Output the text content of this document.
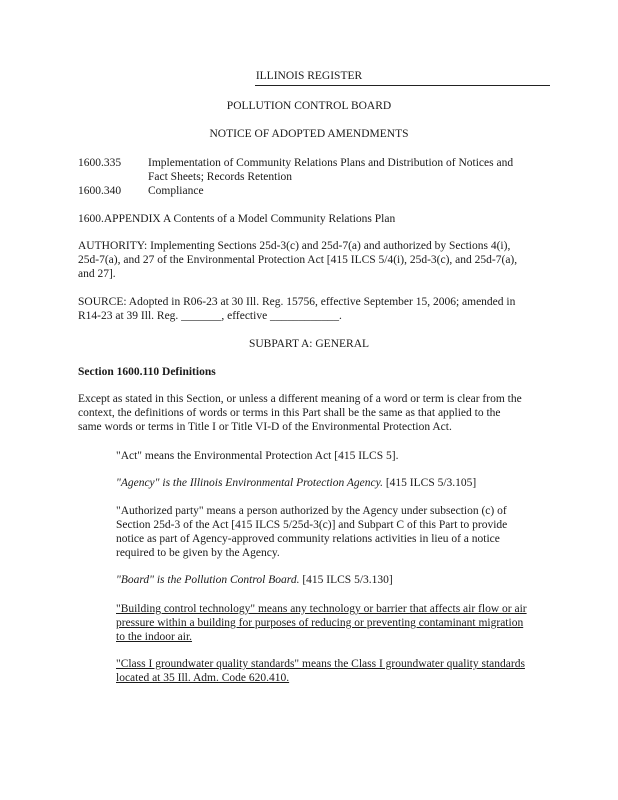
ILLINOIS REGISTER
POLLUTION CONTROL BOARD
NOTICE OF ADOPTED AMENDMENTS
1600.335 Implementation of Community Relations Plans and Distribution of Notices and
Fact Sheets; Records Retention
1600.340 Compliance
1600.APPENDIX A Contents of a Model Community Relations Plan
AUTHORITY: Implementing Sections 25d-3(c) and 25d-7(a) and authorized by Sections 4(i),
25d-7(a), and 27 of the Environmental Protection Act [415 ILCS 5/4(i), 25d-3(c), and 25d-7(a),
and 27].
SOURCE: Adopted in R06-23 at 30 Ill. Reg. 15756, effective September 15, 2006; amended in
R14-23 at 39 Ill. Reg. _______, effective ____________.
SUBPART A: GENERAL
Section 1600.110 Definitions
Except as stated in this Section, or unless a different meaning of a word or term is clear from the
context, the definitions of words or terms in this Part shall be the same as that applied to the
same words or terms in Title I or Title VI-D of the Environmental Protection Act.
"Act" means the Environmental Protection Act [415 ILCS 5].
"Agency" is the Illinois Environmental Protection Agency. [415 ILCS 5/3.105]
"Authorized party" means a person authorized by the Agency under subsection (c) of
Section 25d-3 of the Act [415 ILCS 5/25d-3(c)] and Subpart C of this Part to provide
notice as part of Agency-approved community relations activities in lieu of a notice
required to be given by the Agency.
"Board" is the Pollution Control Board. [415 ILCS 5/3.130]
"Building control technology" means any technology or barrier that affects air flow or air
pressure within a building for purposes of reducing or preventing contaminant migration
to the indoor air.
"Class I groundwater quality standards" means the Class I groundwater quality standards
located at 35 Ill. Adm. Code 620.410.
